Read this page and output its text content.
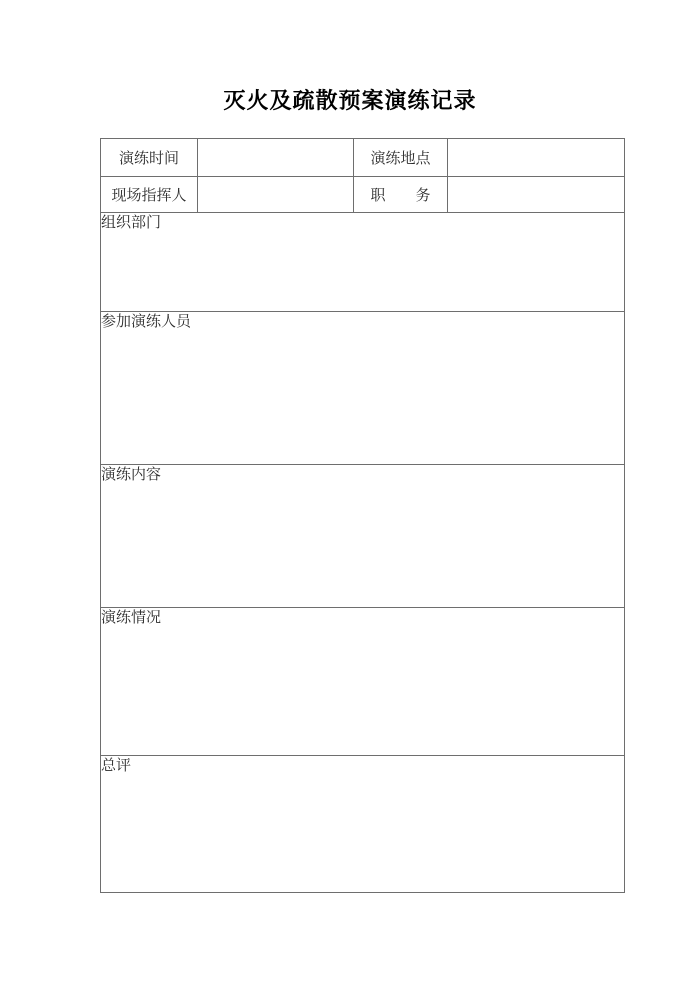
灭火及疏散预案演练记录
演练时间		演练地点	
现场指挥人		职　　务	

组织部门			

参加演练人员			

演练内容			

演练情况			

总评			
